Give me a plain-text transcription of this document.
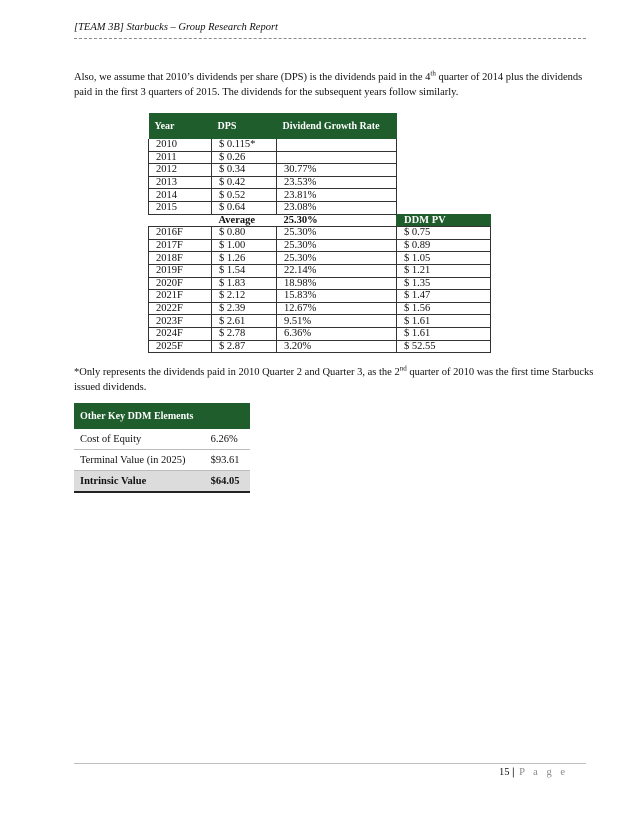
[TEAM 3B] Starbucks – Group Research Report
Also, we assume that 2010’s dividends per share (DPS) is the dividends paid in the 4th quarter of 2014 plus the dividends paid in the first 3 quarters of 2015. The dividends for the subsequent years follow similarly.
Year	DPS	Dividend Growth Rate	
2010	$ 0.115*		
2011	$ 0.26		
2012	$ 0.34	30.77%	
2013	$ 0.42	23.53%	
2014	$ 0.52	23.81%	
2015	$ 0.64	23.08%	
	Average	25.30%	DDM PV
2016F	$ 0.80	25.30%	$ 0.75
2017F	$ 1.00	25.30%	$ 0.89
2018F	$ 1.26	25.30%	$ 1.05
2019F	$ 1.54	22.14%	$ 1.21
2020F	$ 1.83	18.98%	$ 1.35
2021F	$ 2.12	15.83%	$ 1.47
2022F	$ 2.39	12.67%	$ 1.56
2023F	$ 2.61	9.51%	$ 1.61
2024F	$ 2.78	6.36%	$ 1.61
2025F	$ 2.87	3.20%	$ 52.55
*Only represents the dividends paid in 2010 Quarter 2 and Quarter 3, as the 2nd quarter of 2010 was the first time Starbucks issued dividends.
Other Key DDM Elements	
Cost of Equity	6.26%
Terminal Value (in 2025)	$93.61
Intrinsic Value	$64.05
15 | P a g e
